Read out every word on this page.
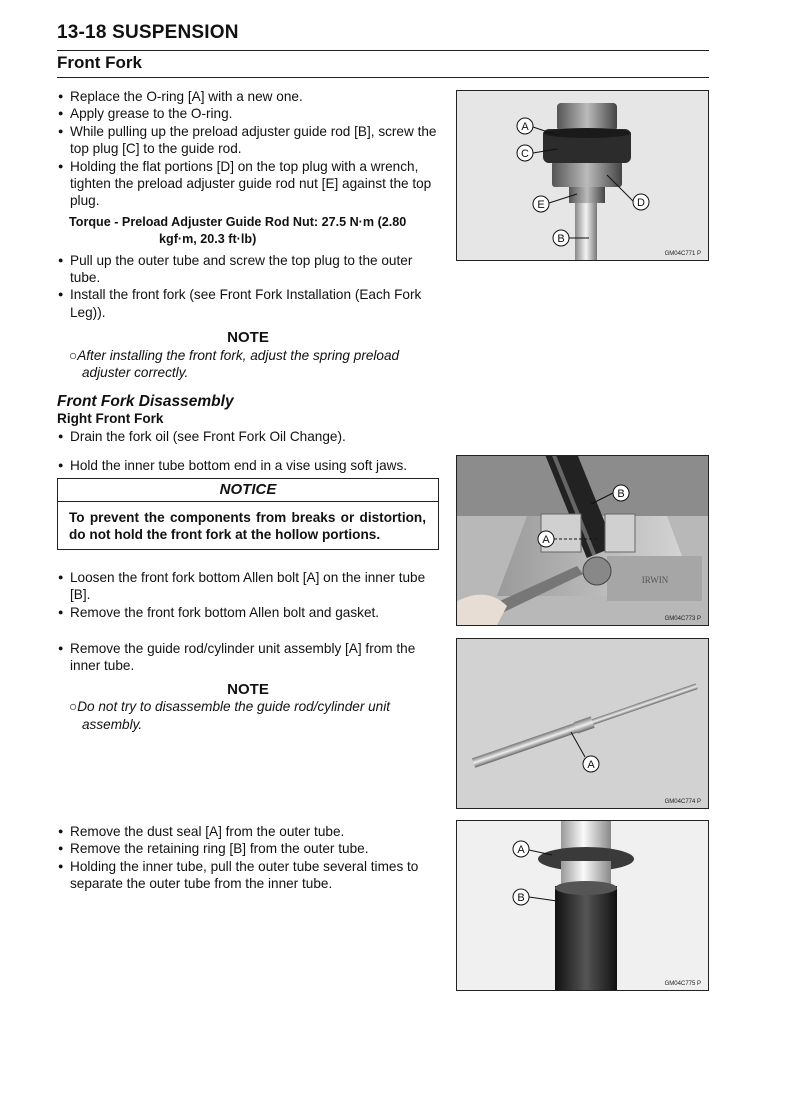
13-18 SUSPENSION
Front Fork
● Replace the O-ring [A] with a new one.
● Apply grease to the O-ring.
● While pulling up the preload adjuster guide rod [B], screw the top plug [C] to the guide rod.
● Holding the flat portions [D] on the top plug with a wrench, tighten the preload adjuster guide rod nut [E] against the top plug.
Torque - Preload Adjuster Guide Rod Nut: 27.5 N·m (2.80
kgf·m, 20.3 ft·lb)
● Pull up the outer tube and screw the top plug to the outer tube.
● Install the front fork (see Front Fork Installation (Each Fork Leg)).
NOTE
○After installing the front fork, adjust the spring preload adjuster correctly.
Front Fork Disassembly
Right Front Fork
● Drain the fork oil (see Front Fork Oil Change).
● Hold the inner tube bottom end in a vise using soft jaws.
NOTICE
To prevent the components from breaks or distortion, do not hold the front fork at the hollow portions.
● Loosen the front fork bottom Allen bolt [A] on the inner tube [B].
● Remove the front fork bottom Allen bolt and gasket.
● Remove the guide rod/cylinder unit assembly [A] from the inner tube.
NOTE
○Do not try to disassemble the guide rod/cylinder unit assembly.
● Remove the dust seal [A] from the outer tube.
● Remove the retaining ring [B] from the outer tube.
● Holding the inner tube, pull the outer tube several times to separate the outer tube from the inner tube.
A
C
E	D
B
GM04C771 P
IRWIN
B
A
GM04C773 P
A
GM04C774 P
A
B
GM04C775 P
